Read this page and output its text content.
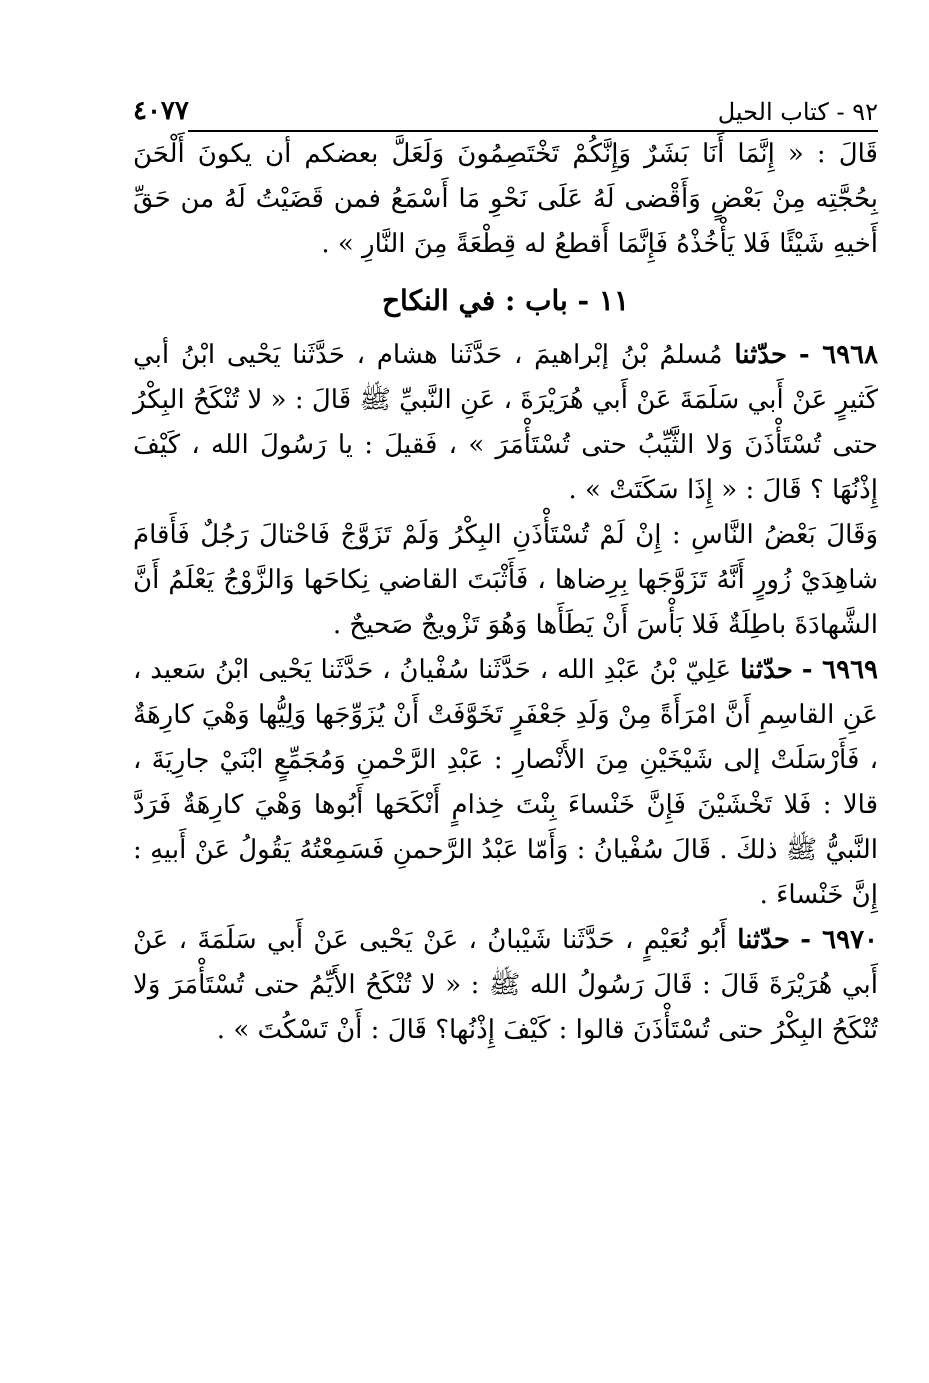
٩٢ - كتاب الحيل
٤٠٧٧

قَالَ : « إِنَّمَا أَنَا بَشَرٌ وَإِنَّكُمْ تَخْتَصِمُونَ وَلَعَلَّ بعضكم أن يكونَ أَلْحَنَ بِحُجَّتِه مِنْ بَعْضٍ وَأَقْضى لَهُ عَلَى نَحْوِ مَا أَسْمَعُ فمن قَضَيْتُ لَهُ من حَقِّ أَخيهِ شَيْئًا فَلا يَأْخُذْهُ فَإِنَّمَا أَقطعُ له قِطْعَةً مِنَ النَّارِ » .

١١ - باب : في النكاح

٦٩٦٨ - حدّثنا مُسلمُ بْنُ إبْراهيمَ ، حَدَّثَنا هشام ، حَدَّثَنا يَحْيى ابْنُ أبي كَثيرٍ عَنْ أَبي سَلَمَةَ عَنْ أَبي هُرَيْرَةَ ، عَنِ النَّبيِّ ﷺ قَالَ : « لا تُنْكَحُ البِكْرُ حتى تُسْتَأْذَنَ وَلا الثَّيِّبُ حتى تُسْتَأْمَرَ » ، فَقيلَ : يا رَسُولَ الله ، كَيْفَ إِذْنُهَا ؟ قَالَ : « إِذَا سَكَتَتْ » .

وَقَالَ بَعْضُ النَّاسِ : إِنْ لَمْ تُسْتَأْذَنِ البِكْرُ وَلَمْ تَزَوَّجْ فَاحْتالَ رَجُلٌ فَأَقامَ شاهِدَيْ زُورٍ أَنَّهُ تَزَوَّجَها بِرِضاها ، فَأَثْبَتَ القاضي نِكاحَها وَالزَّوْجُ يَعْلَمُ أَنَّ الشَّهادَةَ باطِلَةٌ فَلا بَأْسَ أَنْ يَطَأَها وَهُوَ تَزْويجٌ صَحيحٌ .

٦٩٦٩ - حدّثنا عَلِيّ بْنُ عَبْدِ الله ، حَدَّثَنا سُفْيانُ ، حَدَّثَنا يَحْيى ابْنُ سَعيد ، عَنِ القاسِمِ أَنَّ امْرَأَةً مِنْ وَلَدِ جَعْفَرٍ تَخَوَّفَتْ أَنْ يُزَوِّجَها وَلِيُّها وَهْيَ كارِهَةٌ ، فَأَرْسَلَتْ إلى شَيْخَيْنِ مِنَ الأَنْصارِ : عَبْدِ الرَّحْمنِ وَمُجَمِّعٍ ابْنَيْ جارِيَةَ ، قالا : فَلا تَخْشَيْنَ فَإِنَّ خَنْساءَ بِنْتَ خِذامٍ أَنْكَحَها أَبُوها وَهْيَ كارِهَةٌ فَرَدَّ النَّبيُّ ﷺ ذلكَ . قَالَ سُفْيانُ : وَأَمّا عَبْدُ الرَّحمنِ فَسَمِعْتُهُ يَقُولُ عَنْ أَبيهِ : إِنَّ خَنْساءَ .

٦٩٧٠ - حدّثنا أَبُو نُعَيْمٍ ، حَدَّثَنا شَيْبانُ ، عَنْ يَحْيى عَنْ أَبي سَلَمَةَ ، عَنْ أَبي هُرَيْرَةَ قَالَ : قَالَ رَسُولُ الله ﷺ : « لا تُنْكَحُ الأَيِّمُ حتى تُسْتَأْمَرَ وَلا تُنْكَحُ البِكْرُ حتى تُسْتَأْذَنَ قالوا : كَيْفَ إِذْنُها؟ قَالَ : أَنْ تَسْكُتَ » .
